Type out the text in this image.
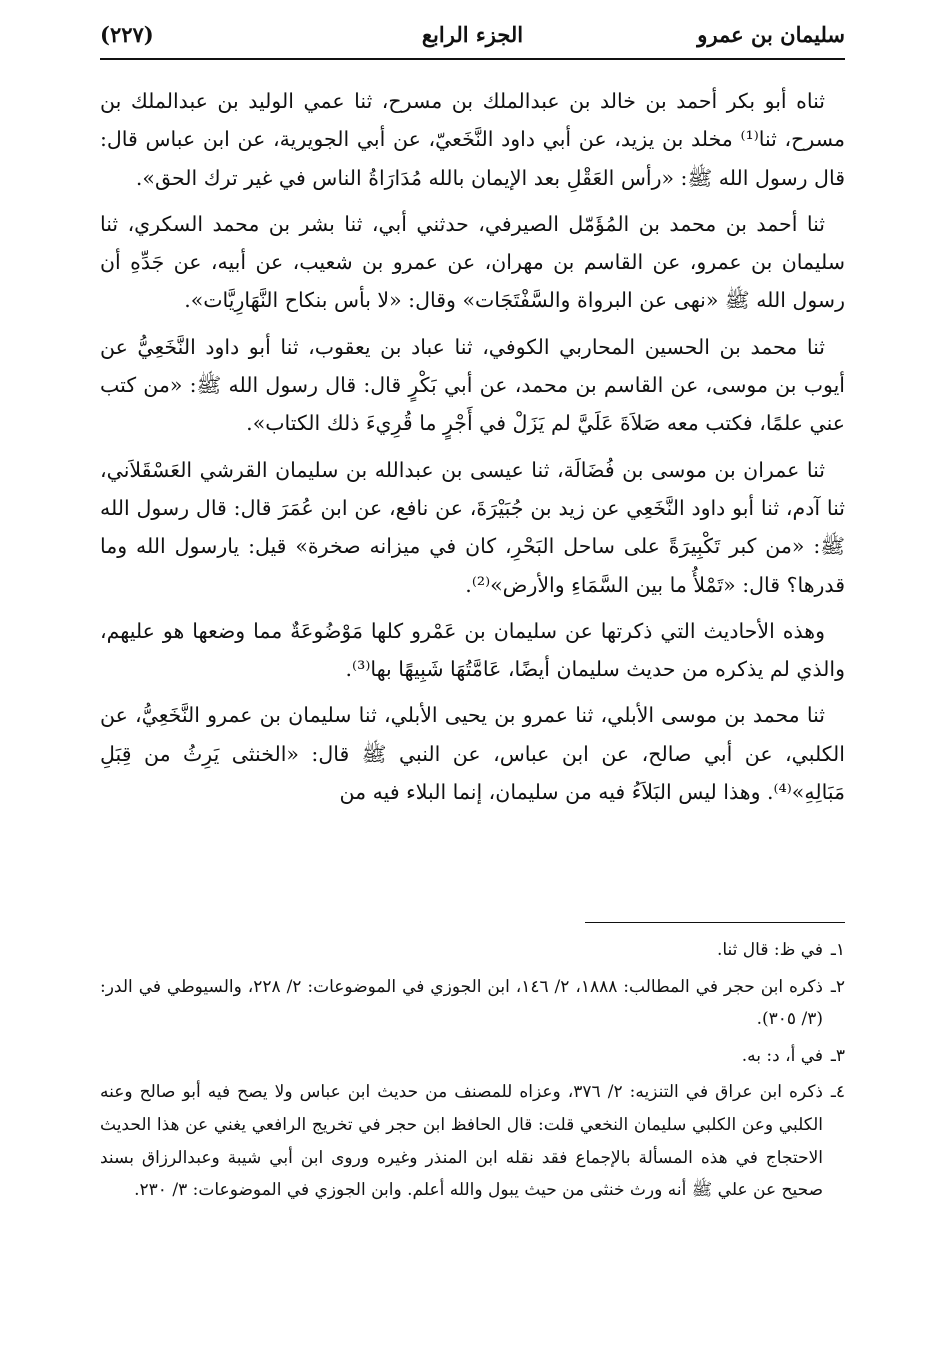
سليمان بن عمرو
الجزء الرابع
(٢٢٧)

ثناه أبو بكر أحمد بن خالد بن عبدالملك بن مسرح، ثنا عمي الوليد بن عبدالملك بن مسرح، ثنا⁽¹⁾ مخلد بن يزيد، عن أبي داود النَّخَعيّ، عن أبي الجويرية، عن ابن عباس قال: قال رسول الله ﷺ: «رأس العَقْلِ بعد الإيمان بالله مُدَارَاةُ الناس في غير ترك الحق».

ثنا أحمد بن محمد بن المُؤَمّل الصيرفي، حدثني أبي، ثنا بشر بن محمد السكري، ثنا سليمان بن عمرو، عن القاسم بن مهران، عن عمرو بن شعيب، عن أبيه، عن جَدِّهِ أن رسول الله ﷺ «نهى عن البرواة والسَّفْتَجَات» وقال: «لا بأس بنكاح النَّهَارِيَّات».

ثنا محمد بن الحسين المحاربي الكوفي، ثنا عباد بن يعقوب، ثنا أبو داود النَّخَعِيُّ عن أيوب بن موسى، عن القاسم بن محمد، عن أبي بَكْرٍ قال: قال رسول الله ﷺ: «من كتب عني علمًا، فكتب معه صَلاَةَ عَلَيَّ لم يَزَلْ في أَجْرٍ ما قُرِيءَ ذلك الكتاب».

ثنا عمران بن موسى بن فُضَالَة، ثنا عيسى بن عبدالله بن سليمان القرشي العَسْقَلاَني، ثنا آدم، ثنا أبو داود النَّخَعِي عن زيد بن جُبَيْرَةَ، عن نافع، عن ابن عُمَرَ قال: قال رسول الله ﷺ: «من كبر تَكْبِيرَةً على ساحل البَحْرِ، كان في ميزانه صخرة» قيل: يارسول الله وما قدرها؟ قال: «تَمْلأُ ما بين السَّمَاءِ والأرض»⁽²⁾.

وهذه الأحاديث التي ذكرتها عن سليمان بن عَمْرو كلها مَوْضُوعَةٌ مما وضعها هو عليهم، والذي لم يذكره من حديث سليمان أيضًا، عَامَّتُهَا شَبِيهًا بها⁽³⁾.

ثنا محمد بن موسى الأبلي، ثنا عمرو بن يحيى الأبلي، ثنا سليمان بن عمرو النَّخَعِيُّ، عن الكلبي، عن أبي صالح، عن ابن عباس، عن النبي ﷺ قال: «الخنثى يَرِثُ من قِبَلِ مَبَالِهِ»⁽⁴⁾. وهذا ليس البَلاَءُ فيه من سليمان، إنما البلاء فيه من

١ـ
في ظ: قال ثنا.

٢ـ
ذكره ابن حجر في المطالب: ١٨٨٨، ٢/ ١٤٦، ابن الجوزي في الموضوعات: ٢/ ٢٢٨، والسيوطي في الدر: (٣/ ٣٠٥).

٣ـ
في أ، د: به.

٤ـ
ذكره ابن عراق في التنزيه: ٢/ ٣٧٦، وعزاه للمصنف من حديث ابن عباس ولا يصح فيه أبو صالح وعنه الكلبي وعن الكلبي سليمان النخعي قلت: قال الحافظ ابن حجر في تخريج الرافعي يغني عن هذا الحديث الاحتجاج في هذه المسألة بالإجماع فقد نقله ابن المنذر وغيره وروى ابن أبي شيبة وعبدالرزاق بسند صحيح عن علي ﷺ أنه ورث خنثى من حيث يبول والله أعلم. وابن الجوزي في الموضوعات: ٣/ ٢٣٠.
